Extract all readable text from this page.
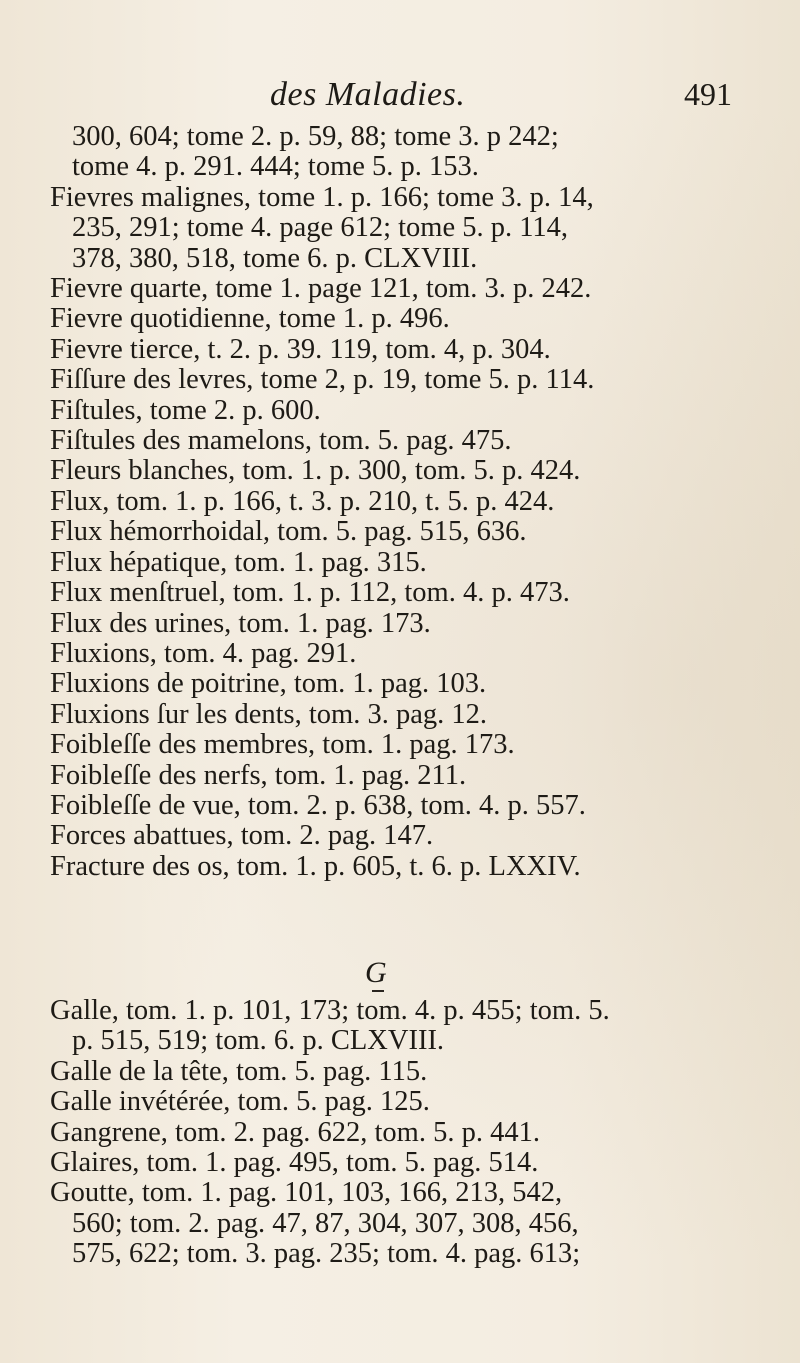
des Maladies.	491

300, 604; tome 2. p. 59, 88; tome 3. p 242;

tome 4. p. 291. 444; tome 5. p. 153.

Fievres malignes, tome 1. p. 166; tome 3. p. 14,

235, 291; tome 4. page 612; tome 5. p. 114,

378, 380, 518, tome 6. p. CLXVIII.

Fievre quarte, tome 1. page 121, tom. 3. p. 242.

Fievre quotidienne, tome 1. p. 496.

Fievre tierce, t. 2. p. 39. 119, tom. 4, p. 304.

Fiſſure des levres, tome 2, p. 19, tome 5. p. 114.

Fiſtules, tome 2. p. 600.

Fiſtules des mamelons, tom. 5. pag. 475.

Fleurs blanches, tom. 1. p. 300, tom. 5. p. 424.

Flux, tom. 1. p. 166, t. 3. p. 210, t. 5. p. 424.

Flux hémorrhoidal, tom. 5. pag. 515, 636.

Flux hépatique, tom. 1. pag. 315.

Flux menſtruel, tom. 1. p. 112, tom. 4. p. 473.

Flux des urines, tom. 1. pag. 173.

Fluxions, tom. 4. pag. 291.

Fluxions de poitrine, tom. 1. pag. 103.

Fluxions ſur les dents, tom. 3. pag. 12.

Foibleſſe des membres, tom. 1. pag. 173.

Foibleſſe des nerfs, tom. 1. pag. 211.

Foibleſſe de vue, tom. 2. p. 638, tom. 4. p. 557.

Forces abattues, tom. 2. pag. 147.

Fracture des os, tom. 1. p. 605, t. 6. p. LXXIV.

G

Galle, tom. 1. p. 101, 173; tom. 4. p. 455; tom. 5.

p. 515, 519; tom. 6. p. CLXVIII.

Galle de la tête, tom. 5. pag. 115.

Galle invétérée, tom. 5. pag. 125.

Gangrene, tom. 2. pag. 622, tom. 5. p. 441.

Glaires, tom. 1. pag. 495, tom. 5. pag. 514.

Goutte, tom. 1. pag. 101, 103, 166, 213, 542,

560; tom. 2. pag. 47, 87, 304, 307, 308, 456,

575, 622; tom. 3. pag. 235; tom. 4. pag. 613;
